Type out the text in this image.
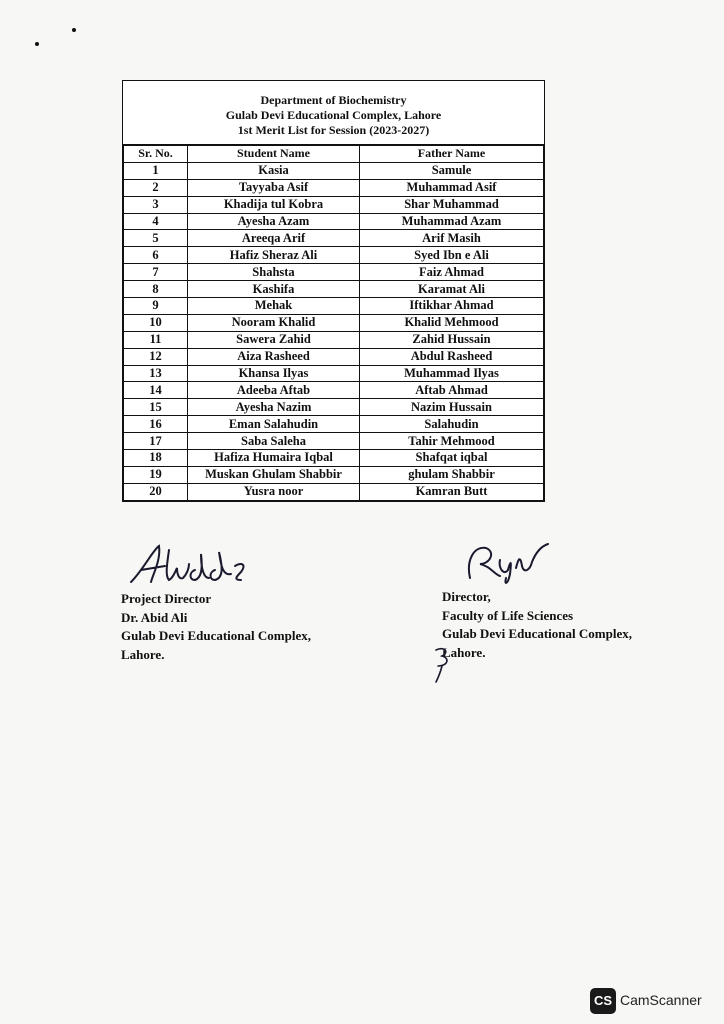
Department of Biochemistry
Gulab Devi Educational Complex, Lahore
1st Merit List for Session (2023-2027)
Sr. No.	Student Name	Father Name
1	Kasia	Samule
2	Tayyaba Asif	Muhammad Asif
3	Khadija tul Kobra	Shar Muhammad
4	Ayesha Azam	Muhammad Azam
5	Areeqa Arif	Arif Masih
6	Hafiz Sheraz Ali	Syed Ibn e Ali
7	Shahsta	Faiz Ahmad
8	Kashifa	Karamat Ali
9	Mehak	Iftikhar Ahmad
10	Nooram Khalid	Khalid Mehmood
11	Sawera Zahid	Zahid Hussain
12	Aiza Rasheed	Abdul Rasheed
13	Khansa Ilyas	Muhammad Ilyas
14	Adeeba Aftab	Aftab Ahmad
15	Ayesha Nazim	Nazim Hussain
16	Eman Salahudin	Salahudin
17	Saba Saleha	Tahir Mehmood
18	Hafiza Humaira Iqbal	Shafqat iqbal
19	Muskan Ghulam Shabbir	ghulam Shabbir
20	Yusra noor	Kamran Butt
Project Director
Dr. Abid Ali
Gulab Devi Educational Complex,
Lahore.
Director,
Faculty of Life Sciences
Gulab Devi Educational Complex,
Lahore.
CS CamScanner
